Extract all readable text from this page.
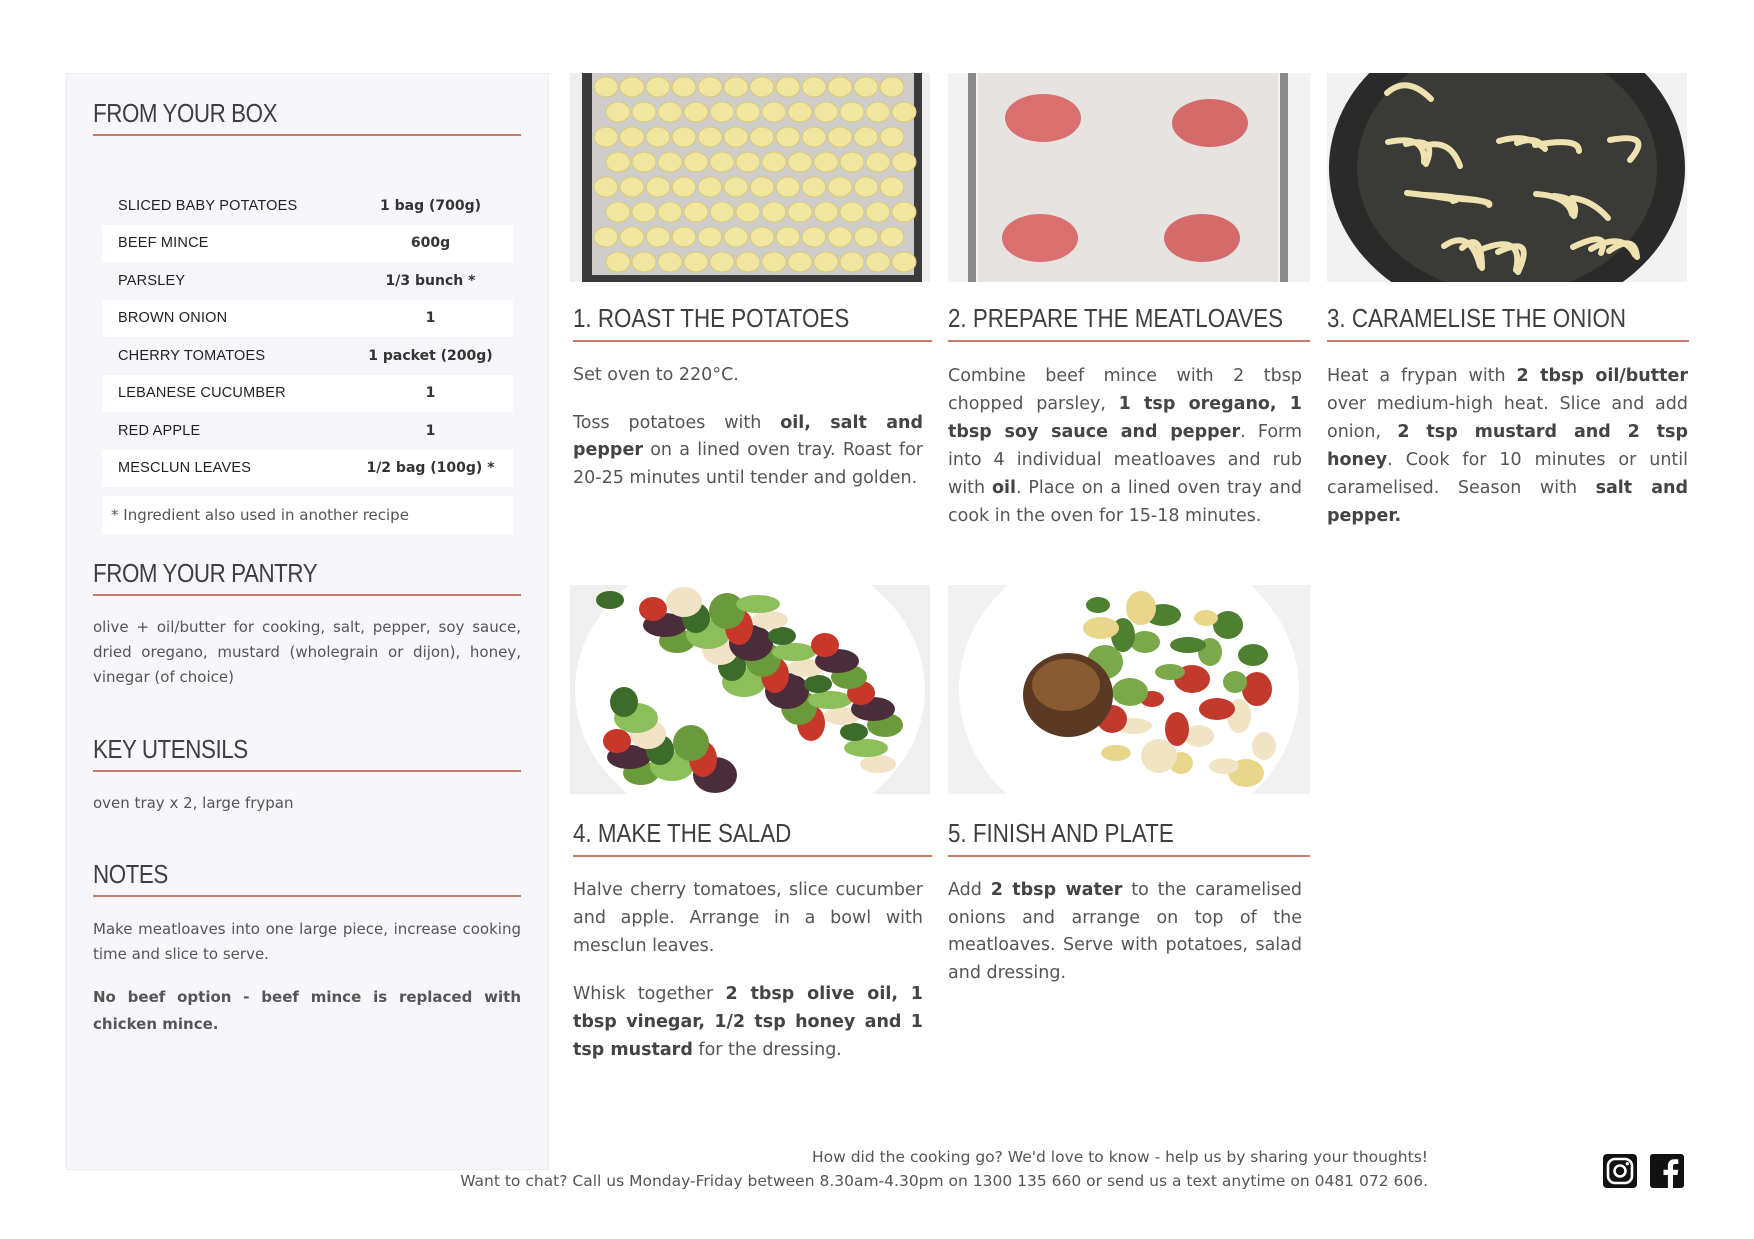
FROM YOUR BOX
SLICED BABY POTATOES	1 bag (700g)
BEEF MINCE	600g
PARSLEY	1/3 bunch *
BROWN ONION	1
CHERRY TOMATOES	1 packet (200g)
LEBANESE CUCUMBER	1
RED APPLE	1
MESCLUN LEAVES	1/2 bag (100g) *
* Ingredient also used in another recipe
FROM YOUR PANTRY
olive + oil/butter for cooking, salt, pepper, soy sauce, dried oregano, mustard (wholegrain or dijon), honey, vinegar (of choice)
KEY UTENSILS
oven tray x 2, large frypan
NOTES
Make meatloaves into one large piece, increase cooking time and slice to serve.
No beef option - beef mince is replaced with chicken mince.
1. ROAST THE POTATOES

Set oven to 220°C.

Toss potatoes with oil, salt and pepper on a lined oven tray. Roast for 20-25 minutes until tender and golden.

2. PREPARE THE MEATLOAVES

Combine beef mince with 2 tbsp chopped parsley, 1 tsp oregano, 1 tbsp soy sauce and pepper. Form into 4 individual meatloaves and rub with oil. Place on a lined oven tray and cook in the oven for 15-18 minutes.

3. CARAMELISE THE ONION

Heat a frypan with 2 tbsp oil/butter over medium-high heat. Slice and add onion, 2 tsp mustard and 2 tsp honey. Cook for 10 minutes or until caramelised. Season with salt and pepper.

4. MAKE THE SALAD

Halve cherry tomatoes, slice cucumber and apple. Arrange in a bowl with mesclun leaves.

Whisk together 2 tbsp olive oil, 1 tbsp vinegar, 1/2 tsp honey and 1 tsp mustard for the dressing.

5. FINISH AND PLATE

Add 2 tbsp water to the caramelised onions and arrange on top of the meatloaves. Serve with potatoes, salad and dressing.

How did the cooking go? We'd love to know - help us by sharing your thoughts!
Want to chat? Call us Monday-Friday between 8.30am-4.30pm on 1300 135 660 or send us a text anytime on 0481 072 606.
